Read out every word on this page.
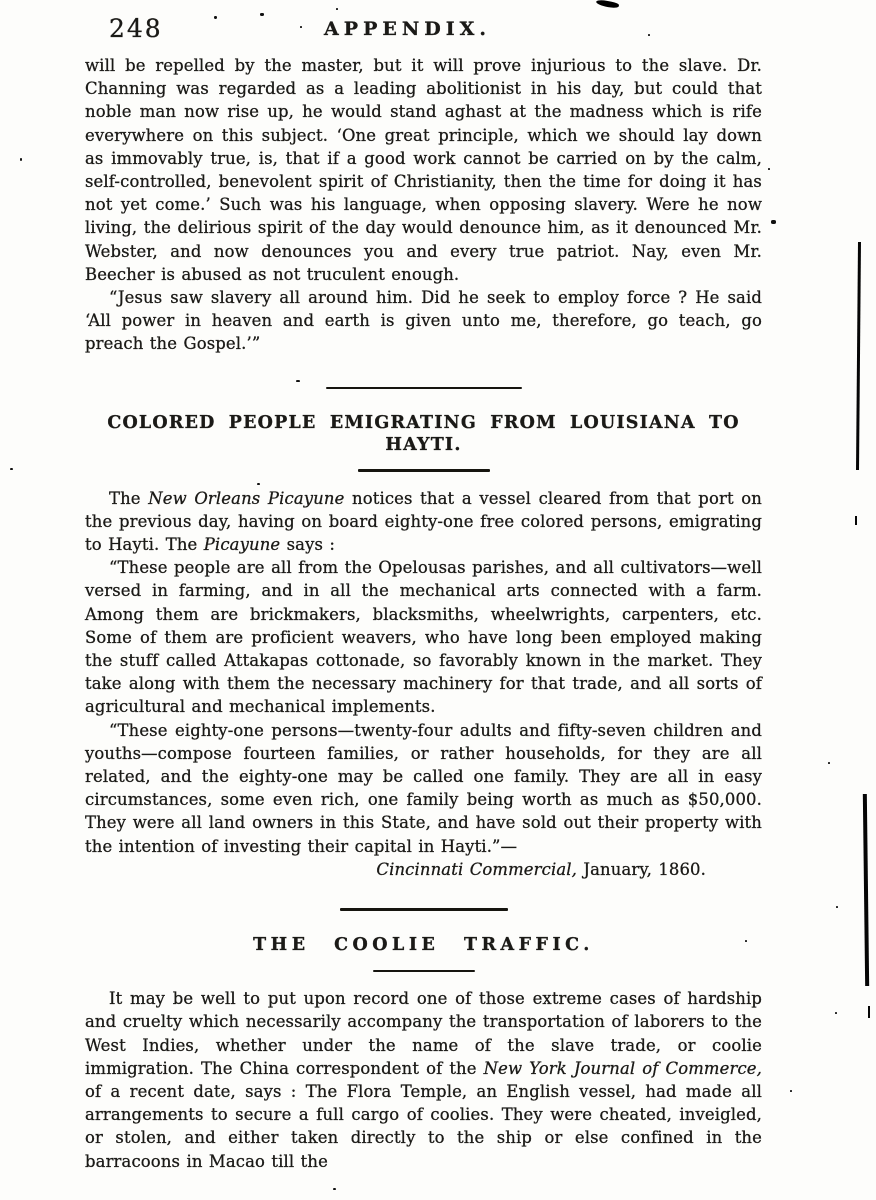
248	APPENDIX.

will be repelled by the master, but it will prove injurious to the slave. Dr. Channing was regarded as a leading abolitionist in his day, but could that noble man now rise up, he would stand aghast at the madness which is rife everywhere on this subject. ‘One great principle, which we should lay down as immovably true, is, that if a good work cannot be carried on by the calm, self-controlled, benevolent spirit of Christianity, then the time for doing it has not yet come.’ Such was his language, when opposing slavery. Were he now living, the delirious spirit of the day would denounce him, as it denounced Mr. Webster, and now denounces you and every true patriot. Nay, even Mr. Beecher is abused as not truculent enough.

“Jesus saw slavery all around him. Did he seek to employ force ? He said ‘All power in heaven and earth is given unto me, therefore, go teach, go preach the Gospel.’”

COLORED PEOPLE EMIGRATING FROM LOUISIANA TO HAYTI.

The New Orleans Picayune notices that a vessel cleared from that port on the previous day, having on board eighty-one free colored persons, emigrating to Hayti. The Picayune says :

“These people are all from the Opelousas parishes, and all cultivators—well versed in farming, and in all the mechanical arts connected with a farm. Among them are brickmakers, blacksmiths, wheelwrights, carpenters, etc. Some of them are proficient weavers, who have long been employed making the stuff called Attakapas cottonade, so favorably known in the market. They take along with them the necessary machinery for that trade, and all sorts of agricultural and mechanical implements.

“These eighty-one persons—twenty-four adults and fifty-seven children and youths—compose fourteen families, or rather households, for they are all related, and the eighty-one may be called one family. They are all in easy circumstances, some even rich, one family being worth as much as $50,000. They were all land owners in this State, and have sold out their property with the intention of investing their capital in Hayti.”—

Cincinnati Commercial, January, 1860.

THE COOLIE TRAFFIC.

It may be well to put upon record one of those extreme cases of hardship and cruelty which necessarily accompany the transportation of laborers to the West Indies, whether under the name of the slave trade, or coolie immigration. The China correspondent of the New York Journal of Commerce, of a recent date, says : The Flora Temple, an English vessel, had made all arrangements to secure a full cargo of coolies. They were cheated, inveigled, or stolen, and either taken directly to the ship or else confined in the barracoons in Macao till the
